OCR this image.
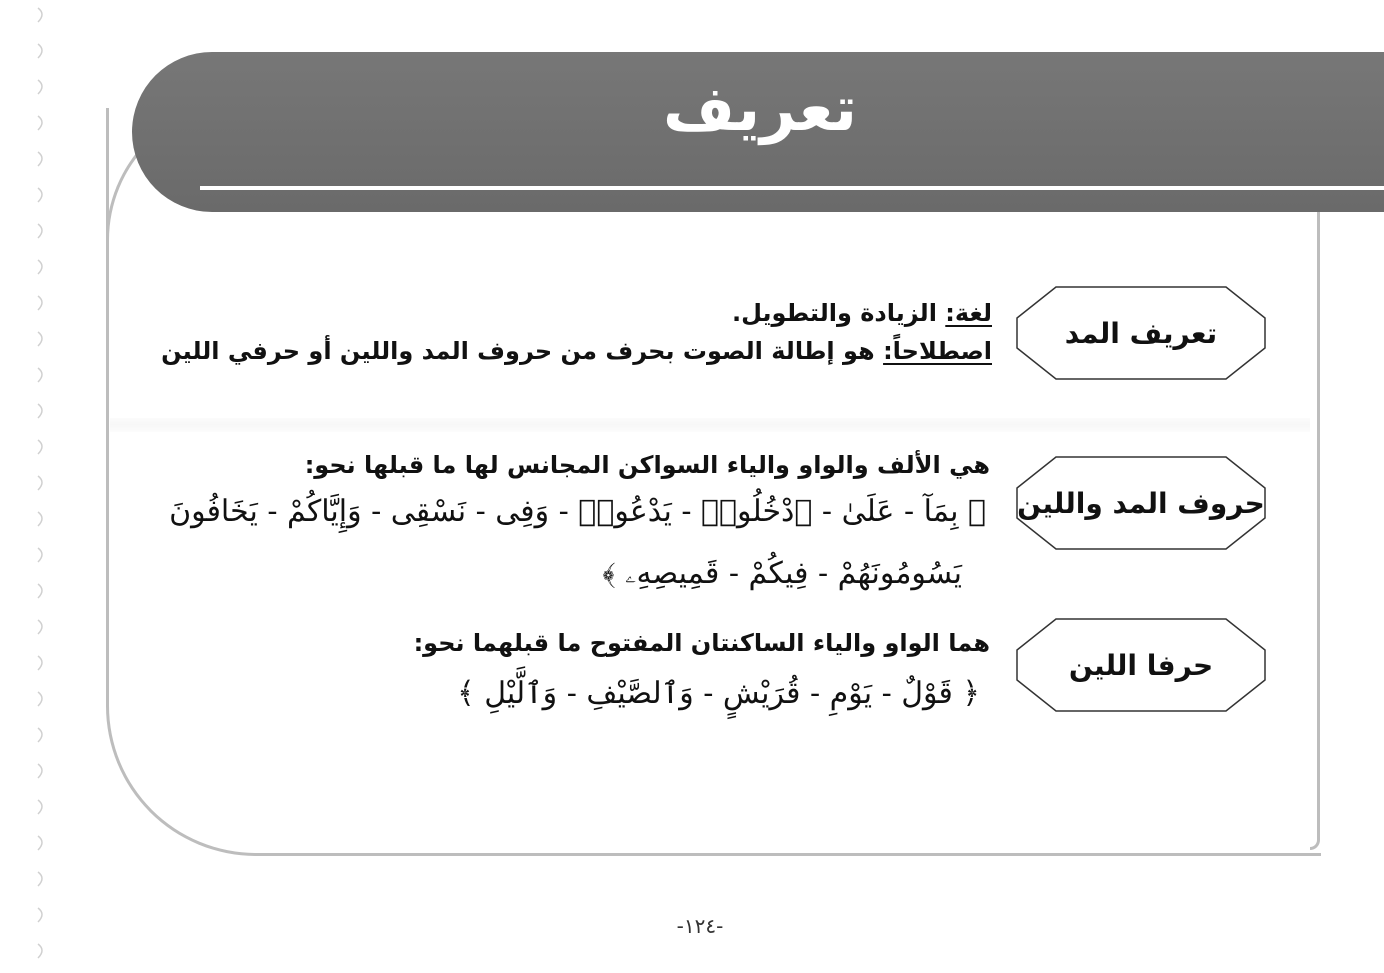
تعريف
تعريف المد
لغة: الزيادة والتطويل.
اصطلاحاً: هو إطالة الصوت بحرف من حروف المد واللين أو حرفي اللين
حروف المد واللين
هي الألف والواو والياء السواكن المجانس لها ما قبلها نحو:
﴿ بِمَآ - عَلَىٰ - ٱدْخُلُوا۟ - يَدْعُوا۟ - وَفِى - نَسْقِى - وَإِيَّاكُمْ - يَخَافُونَ
يَسُومُونَهُمْ - فِيكُمْ - قَمِيصِهِۦ ﴾
حرفا اللين
هما الواو والياء الساكنتان المفتوح ما قبلهما نحو:
﴿ قَوْلٌ - يَوْمِ - قُرَيْشٍ - وَٱلصَّيْفِ - وَٱلَّيْلِ ﴾
-١٢٤-
